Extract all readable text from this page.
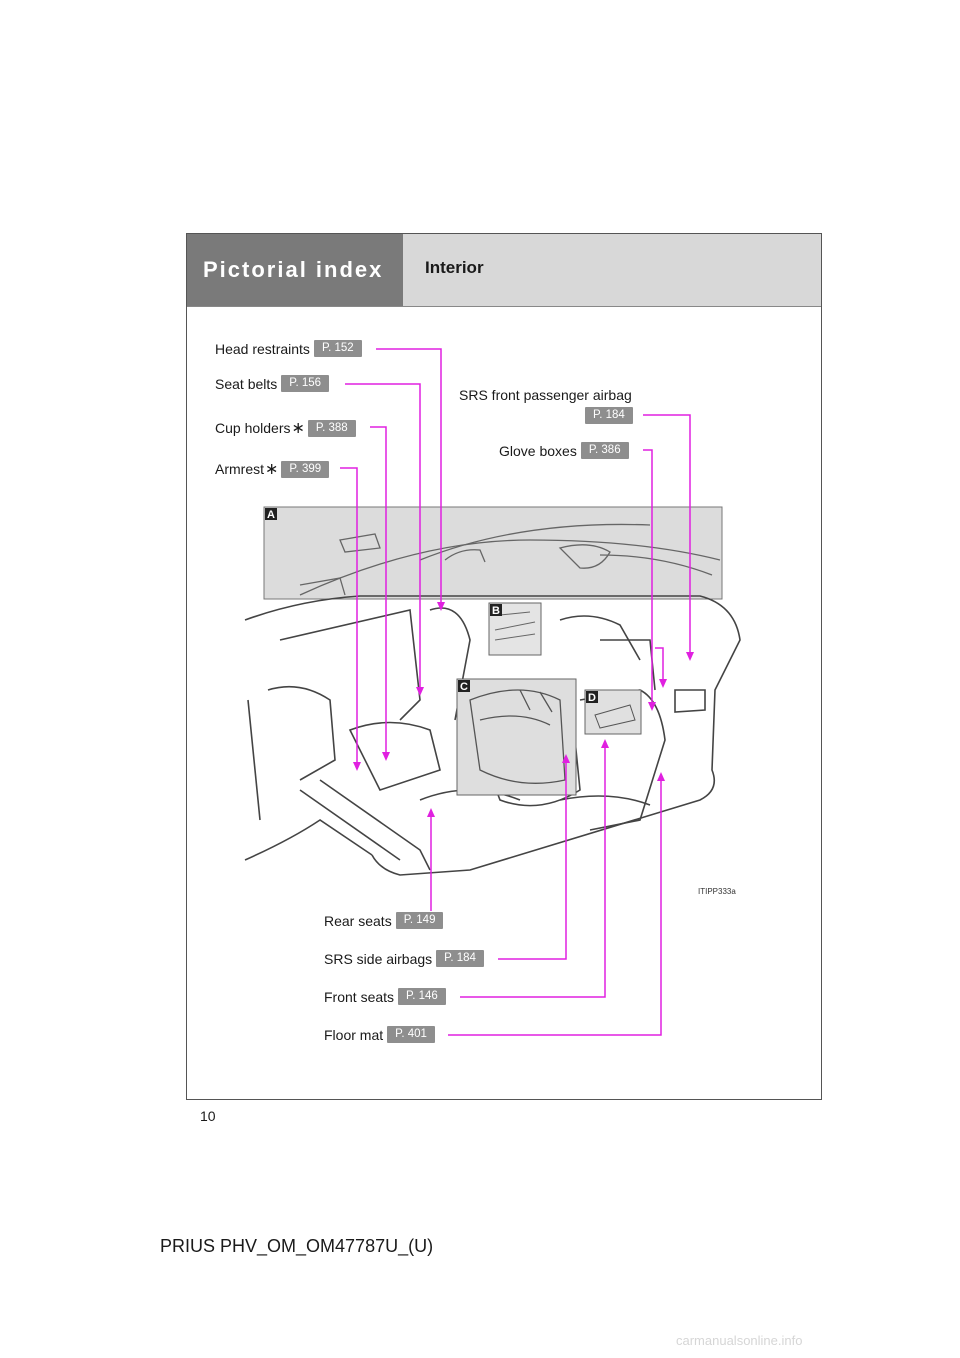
Pictorial index	Interior
A
B
C
D
ITIPP333a
Head restraints	P. 152
Seat belts	P. 156
Cup holders ∗ P. 388
Armrest ∗ P. 399
SRS front passenger airbag
P. 184
Glove boxes	P. 386
Rear seats	P. 149
SRS side airbags	P. 184
Front seats	P. 146
Floor mat	P. 401
10
PRIUS PHV_OM_OM47787U_(U)
carmanualsonline.info
